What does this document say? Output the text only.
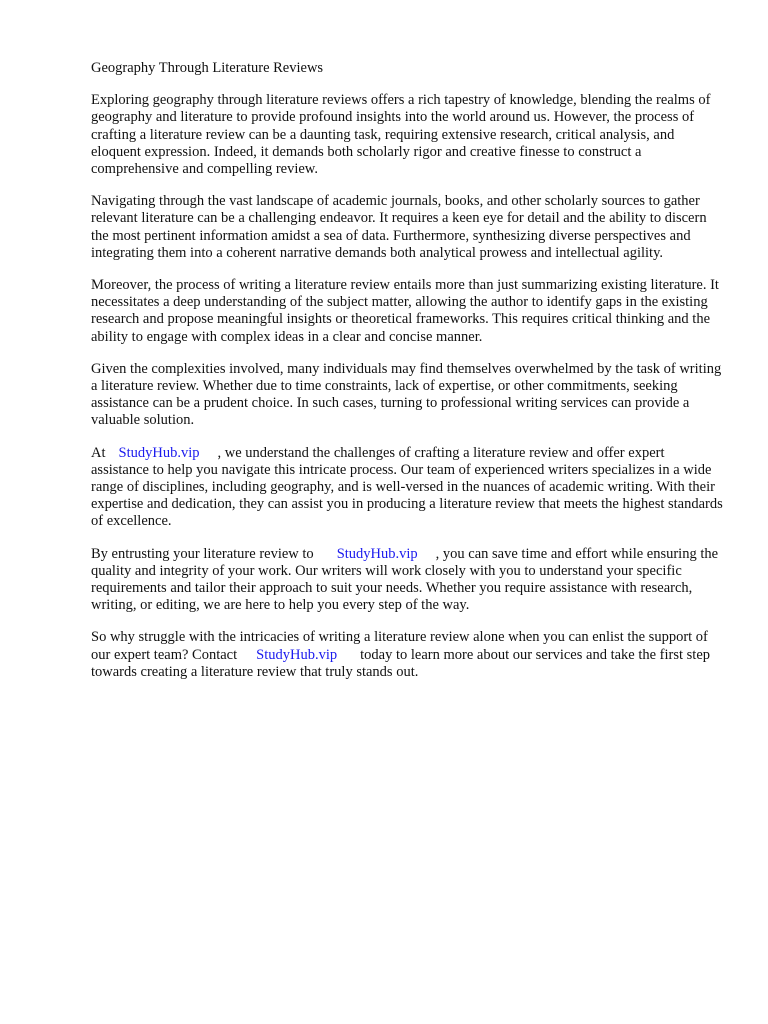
Geography Through Literature Reviews

Exploring geography through literature reviews offers a rich tapestry of knowledge, blending the realms of geography and literature to provide profound insights into the world around us. However, the process of crafting a literature review can be a daunting task, requiring extensive research, critical analysis, and eloquent expression. Indeed, it demands both scholarly rigor and creative finesse to construct a comprehensive and compelling review.

Navigating through the vast landscape of academic journals, books, and other scholarly sources to gather relevant literature can be a challenging endeavor. It requires a keen eye for detail and the ability to discern the most pertinent information amidst a sea of data. Furthermore, synthesizing diverse perspectives and integrating them into a coherent narrative demands both analytical prowess and intellectual agility.

Moreover, the process of writing a literature review entails more than just summarizing existing literature. It necessitates a deep understanding of the subject matter, allowing the author to identify gaps in the existing research and propose meaningful insights or theoretical frameworks. This requires critical thinking and the ability to engage with complex ideas in a clear and concise manner.

Given the complexities involved, many individuals may find themselves overwhelmed by the task of writing a literature review. Whether due to time constraints, lack of expertise, or other commitments, seeking assistance can be a prudent choice. In such cases, turning to professional writing services can provide a valuable solution.

At StudyHub.vip , we understand the challenges of crafting a literature review and offer expert assistance to help you navigate this intricate process. Our team of experienced writers specializes in a wide range of disciplines, including geography, and is well-versed in the nuances of academic writing. With their expertise and dedication, they can assist you in producing a literature review that meets the highest standards of excellence.

By entrusting your literature review to StudyHub.vip , you can save time and effort while ensuring the quality and integrity of your work. Our writers will work closely with you to understand your specific requirements and tailor their approach to suit your needs. Whether you require assistance with research, writing, or editing, we are here to help you every step of the way.

So why struggle with the intricacies of writing a literature review alone when you can enlist the support of our expert team? Contact StudyHub.vip today to learn more about our services and take the first step towards creating a literature review that truly stands out.
